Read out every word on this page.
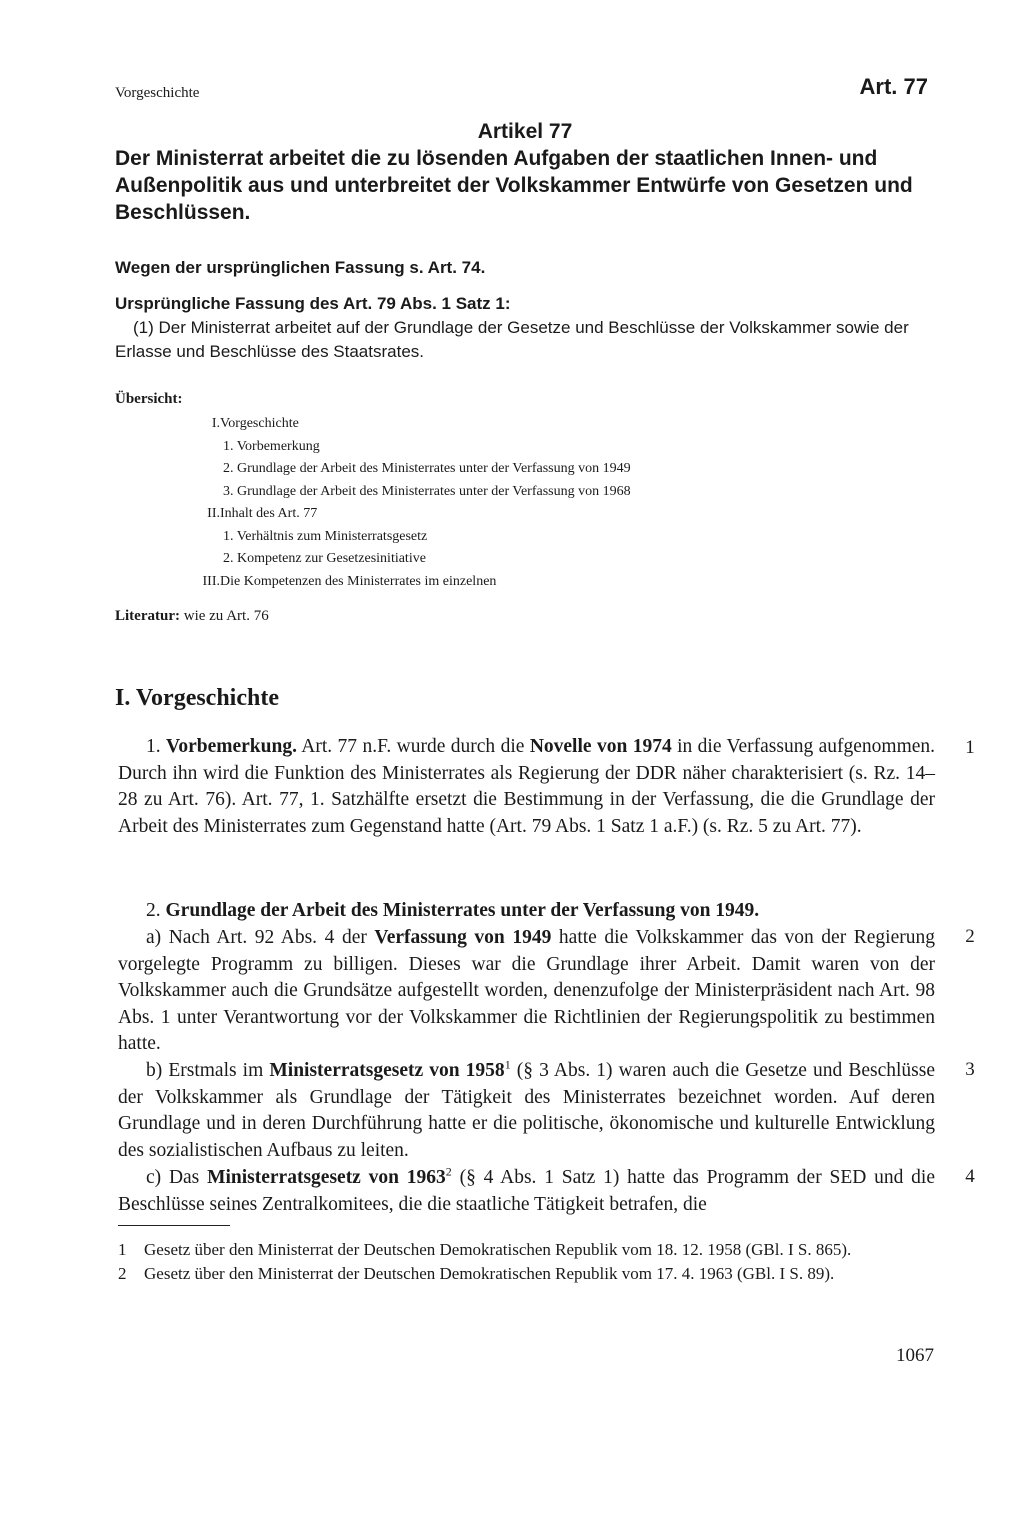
Vorgeschichte	Art. 77
Artikel 77
Der Ministerrat arbeitet die zu lösenden Aufgaben der staatlichen Innen- und Außenpolitik aus und unterbreitet der Volkskammer Entwürfe von Gesetzen und Beschlüssen.
Wegen der ursprünglichen Fassung s. Art. 74.
Ursprüngliche Fassung des Art. 79 Abs. 1 Satz 1:
(1) Der Ministerrat arbeitet auf der Grundlage der Gesetze und Beschlüsse der Volkskammer sowie der Erlasse und Beschlüsse des Staatsrates.
Übersicht:
I. Vorgeschichte
1. Vorbemerkung
2. Grundlage der Arbeit des Ministerrates unter der Verfassung von 1949
3. Grundlage der Arbeit des Ministerrates unter der Verfassung von 1968
II. Inhalt des Art. 77
1. Verhältnis zum Ministerratsgesetz
2. Kompetenz zur Gesetzesinitiative
III. Die Kompetenzen des Ministerrates im einzelnen
Literatur: wie zu Art. 76
I. Vorgeschichte
1. Vorbemerkung. Art. 77 n.F. wurde durch die Novelle von 1974 in die Verfassung aufgenommen. Durch ihn wird die Funktion des Ministerrates als Regierung der DDR näher charakterisiert (s. Rz. 14–28 zu Art. 76). Art. 77, 1. Satzhälfte ersetzt die Bestimmung in der Verfassung, die die Grundlage der Arbeit des Ministerrates zum Gegenstand hatte (Art. 79 Abs. 1 Satz 1 a.F.) (s. Rz. 5 zu Art. 77).
1
2. Grundlage der Arbeit des Ministerrates unter der Verfassung von 1949.
a) Nach Art. 92 Abs. 4 der Verfassung von 1949 hatte die Volkskammer das von der Regierung vorgelegte Programm zu billigen. Dieses war die Grundlage ihrer Arbeit. Damit waren von der Volkskammer auch die Grundsätze aufgestellt worden, denenzufolge der Ministerpräsident nach Art. 98 Abs. 1 unter Verantwortung vor der Volkskammer die Richtlinien der Regierungspolitik zu bestimmen hatte.
2
b) Erstmals im Ministerratsgesetz von 1958$^1$ (§ 3 Abs. 1) waren auch die Gesetze und Beschlüsse der Volkskammer als Grundlage der Tätigkeit des Ministerrates bezeichnet worden. Auf deren Grundlage und in deren Durchführung hatte er die politische, ökonomische und kulturelle Entwicklung des sozialistischen Aufbaus zu leiten.
3
c) Das Ministerratsgesetz von 1963$^2$ (§ 4 Abs. 1 Satz 1) hatte das Programm der SED und die Beschlüsse seines Zentralkomitees, die die staatliche Tätigkeit betrafen, die
4
1	Gesetz über den Ministerrat der Deutschen Demokratischen Republik vom 18. 12. 1958 (GBl. I S. 865).
2	Gesetz über den Ministerrat der Deutschen Demokratischen Republik vom 17. 4. 1963 (GBl. I S. 89).
1067
